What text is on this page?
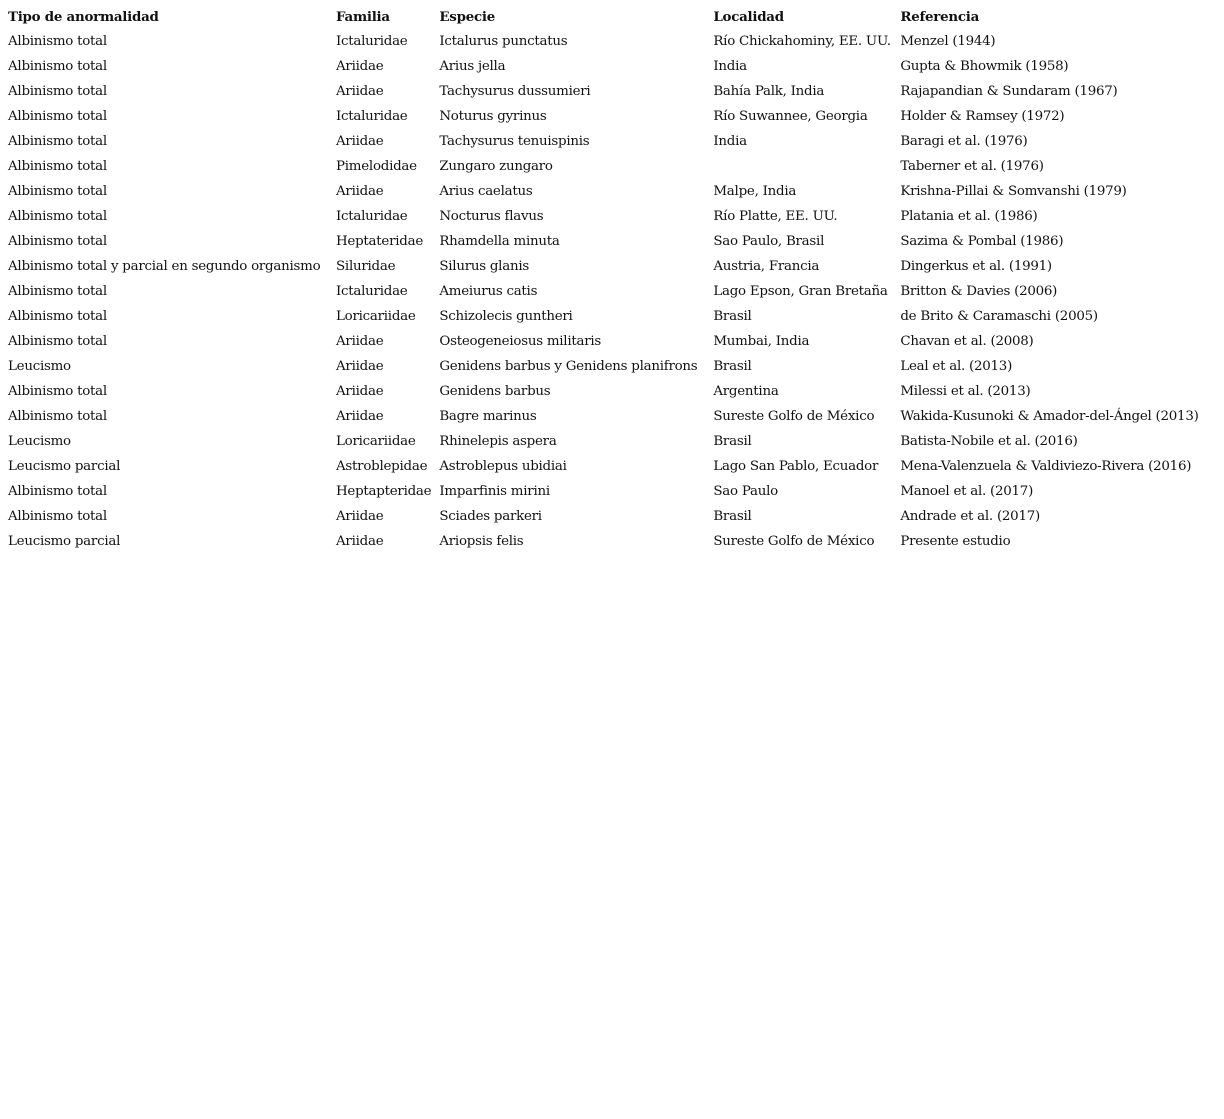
Tipo de anormalidad	Familia	Especie	Localidad	Referencia
Albinismo total	Ictaluridae	Ictalurus punctatus	Río Chickahominy, EE. UU.	Menzel (1944)
Albinismo total	Ariidae	Arius jella	India	Gupta & Bhowmik (1958)
Albinismo total	Ariidae	Tachysurus dussumieri	Bahía Palk, India	Rajapandian & Sundaram (1967)
Albinismo total	Ictaluridae	Noturus gyrinus	Río Suwannee, Georgia	Holder & Ramsey (1972)
Albinismo total	Ariidae	Tachysurus tenuispinis	India	Baragi et al. (1976)
Albinismo total	Pimelodidae	Zungaro zungaro		Taberner et al. (1976)
Albinismo total	Ariidae	Arius caelatus	Malpe, India	Krishna-Pillai & Somvanshi (1979)
Albinismo total	Ictaluridae	Nocturus flavus	Río Platte, EE. UU.	Platania et al. (1986)
Albinismo total	Heptateridae	Rhamdella minuta	Sao Paulo, Brasil	Sazima & Pombal (1986)
Albinismo total y parcial en segundo organismo	Siluridae	Silurus glanis	Austria, Francia	Dingerkus et al. (1991)
Albinismo total	Ictaluridae	Ameiurus catis	Lago Epson, Gran Bretaña	Britton & Davies (2006)
Albinismo total	Loricariidae	Schizolecis guntheri	Brasil	de Brito & Caramaschi (2005)
Albinismo total	Ariidae	Osteogeneiosus militaris	Mumbai, India	Chavan et al. (2008)
Leucismo	Ariidae	Genidens barbus y Genidens planifrons	Brasil	Leal et al. (2013)
Albinismo total	Ariidae	Genidens barbus	Argentina	Milessi et al. (2013)
Albinismo total	Ariidae	Bagre marinus	Sureste Golfo de México	Wakida-Kusunoki & Amador-del-Ángel (2013)
Leucismo	Loricariidae	Rhinelepis aspera	Brasil	Batista-Nobile et al. (2016)
Leucismo parcial	Astroblepidae	Astroblepus ubidiai	Lago San Pablo, Ecuador	Mena-Valenzuela & Valdiviezo-Rivera (2016)
Albinismo total	Heptapteridae	Imparfinis mirini	Sao Paulo	Manoel et al. (2017)
Albinismo total	Ariidae	Sciades parkeri	Brasil	Andrade et al. (2017)
Leucismo parcial	Ariidae	Ariopsis felis	Sureste Golfo de México	Presente estudio
